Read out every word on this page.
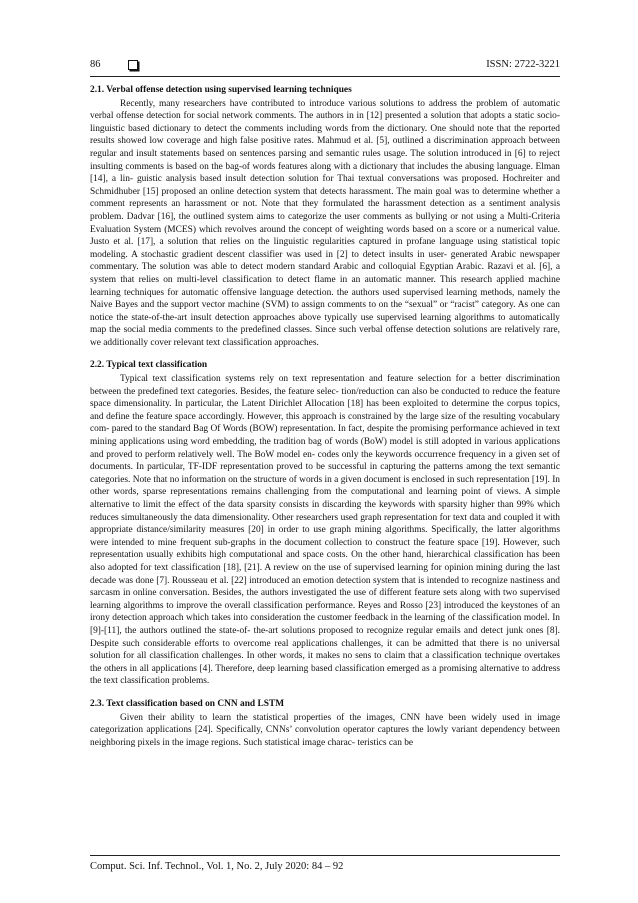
86	ISSN: 2722-3221
2.1. Verbal offense detection using supervised learning techniques

Recently, many researchers have contributed to introduce various solutions to address the problem of automatic verbal offense detection for social network comments. The authors in in [12] presented a solution that adopts a static socio-linguistic based dictionary to detect the comments including words from the dictionary. One should note that the reported results showed low coverage and high false positive rates. Mahmud et al. [5], outlined a discrimination approach between regular and insult statements based on sentences parsing and semantic rules usage. The solution introduced in [6] to reject insulting comments is based on the bag-of words features along with a dictionary that includes the abusing language. Elman [14], a lin- guistic analysis based insult detection solution for Thai textual conversations was proposed. Hochreiter and Schmidhuber [15] proposed an online detection system that detects harassment. The main goal was to determine whether a comment represents an harassment or not. Note that they formulated the harassment detection as a sentiment analysis problem. Dadvar [16], the outlined system aims to categorize the user comments as bullying or not using a Multi-Criteria Evaluation System (MCES) which revolves around the concept of weighting words based on a score or a numerical value. Justo et al. [17], a solution that relies on the linguistic regularities captured in profane language using statistical topic modeling. A stochastic gradient descent classifier was used in [2] to detect insults in user- generated Arabic newspaper commentary. The solution was able to detect modern standard Arabic and colloquial Egyptian Arabic. Razavi et al. [6], a system that relies on multi-level classification to detect flame in an automatic manner. This research applied machine learning techniques for automatic offensive language detection. the authors used supervised learning methods, namely the Naive Bayes and the support vector machine (SVM) to assign comments to on the “sexual” or “racist” category. As one can notice the state-of-the-art insult detection approaches above typically use supervised learning algorithms to automatically map the social media comments to the predefined classes. Since such verbal offense detection solutions are relatively rare, we additionally cover relevant text classification approaches.

2.2. Typical text classification

Typical text classification systems rely on text representation and feature selection for a better discrimination between the predefined text categories. Besides, the feature selec- tion/reduction can also be conducted to reduce the feature space dimensionality. In particular, the Latent Dirichlet Allocation [18] has been exploited to determine the corpus topics, and define the feature space accordingly. However, this approach is constrained by the large size of the resulting vocabulary com- pared to the standard Bag Of Words (BOW) representation. In fact, despite the promising performance achieved in text mining applications using word embedding, the tradition bag of words (BoW) model is still adopted in various applications and proved to perform relatively well. The BoW model en- codes only the keywords occurrence frequency in a given set of documents. In particular, TF-IDF representation proved to be successful in capturing the patterns among the text semantic categories. Note that no information on the structure of words in a given document is enclosed in such representation [19]. In other words, sparse representations remains challenging from the computational and learning point of views. A simple alternative to limit the effect of the data sparsity consists in discarding the keywords with sparsity higher than 99% which reduces simultaneously the data dimensionality. Other researchers used graph representation for text data and coupled it with appropriate distance/similarity measures [20] in order to use graph mining algorithms. Specifically, the latter algorithms were intended to mine frequent sub-graphs in the document collection to construct the feature space [19]. However, such representation usually exhibits high computational and space costs. On the other hand, hierarchical classification has been also adopted for text classification [18], [21]. A review on the use of supervised learning for opinion mining during the last decade was done [7]. Rousseau et al. [22] introduced an emotion detection system that is intended to recognize nastiness and sarcasm in online conversation. Besides, the authors investigated the use of different feature sets along with two supervised learning algorithms to improve the overall classification performance. Reyes and Rosso [23] introduced the keystones of an irony detection approach which takes into consideration the customer feedback in the learning of the classification model. In [9]-[11], the authors outlined the state-of- the-art solutions proposed to recognize regular emails and detect junk ones [8]. Despite such considerable efforts to overcome real applications challenges, it can be admitted that there is no universal solution for all classification challenges. In other words, it makes no sens to claim that a classification technique overtakes the others in all applications [4]. Therefore, deep learning based classification emerged as a promising alternative to address the text classification problems.

2.3. Text classification based on CNN and LSTM

Given their ability to learn the statistical properties of the images, CNN have been widely used in image categorization applications [24]. Specifically, CNNs’ convolution operator captures the lowly variant dependency between neighboring pixels in the image regions. Such statistical image charac- teristics can be

Comput. Sci. Inf. Technol., Vol. 1, No. 2, July 2020: 84 – 92
